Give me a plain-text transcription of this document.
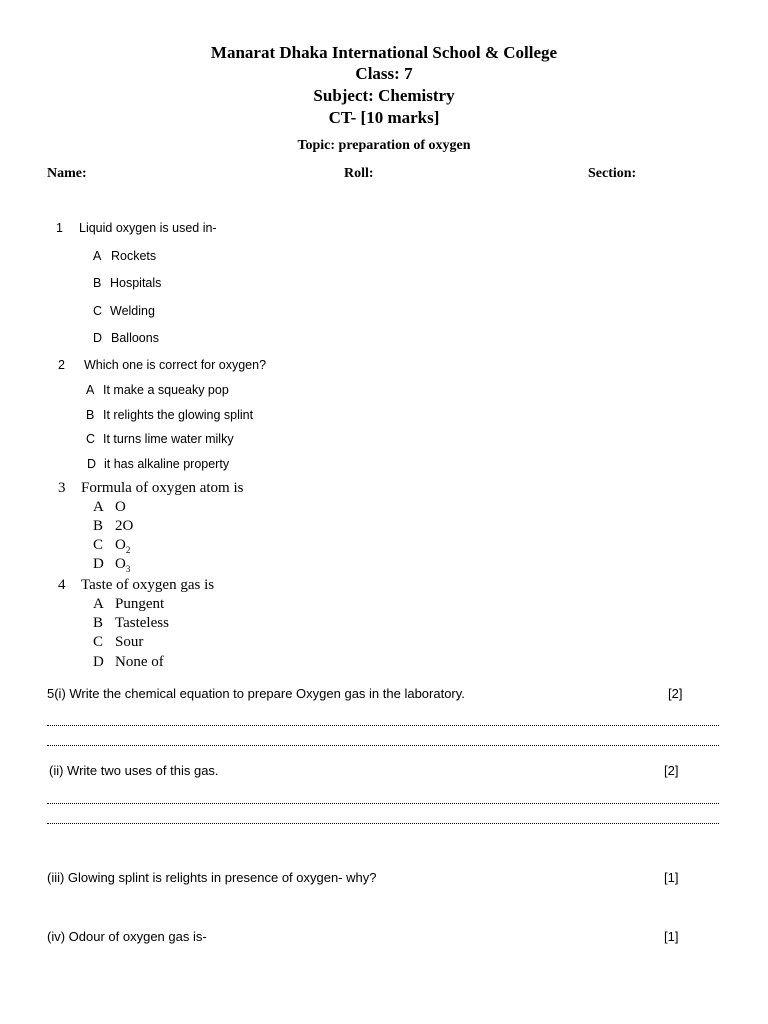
Manarat Dhaka International School & College
Class: 7
Subject: Chemistry
CT- [10 marks]
Topic: preparation of oxygen
Name:	Roll:	Section:
1 Liquid oxygen is used in-
A Rockets
B Hospitals
C Welding
D Balloons
2 Which one is correct for oxygen?
A It make a squeaky pop
B It relights the glowing splint
C It turns lime water milky
D it has alkaline property
3 Formula of oxygen atom is
A O
B 2O
C $O_2$
D $O_3$
4 Taste of oxygen gas is
A Pungent
B Tasteless
C Sour
D None of
5(i) Write the chemical equation to prepare Oxygen gas in the laboratory.	[2]
(ii) Write two uses of this gas.	[2]
(iii) Glowing splint is relights in presence of oxygen- why?	[1]
(iv) Odour of oxygen gas is-	[1]
